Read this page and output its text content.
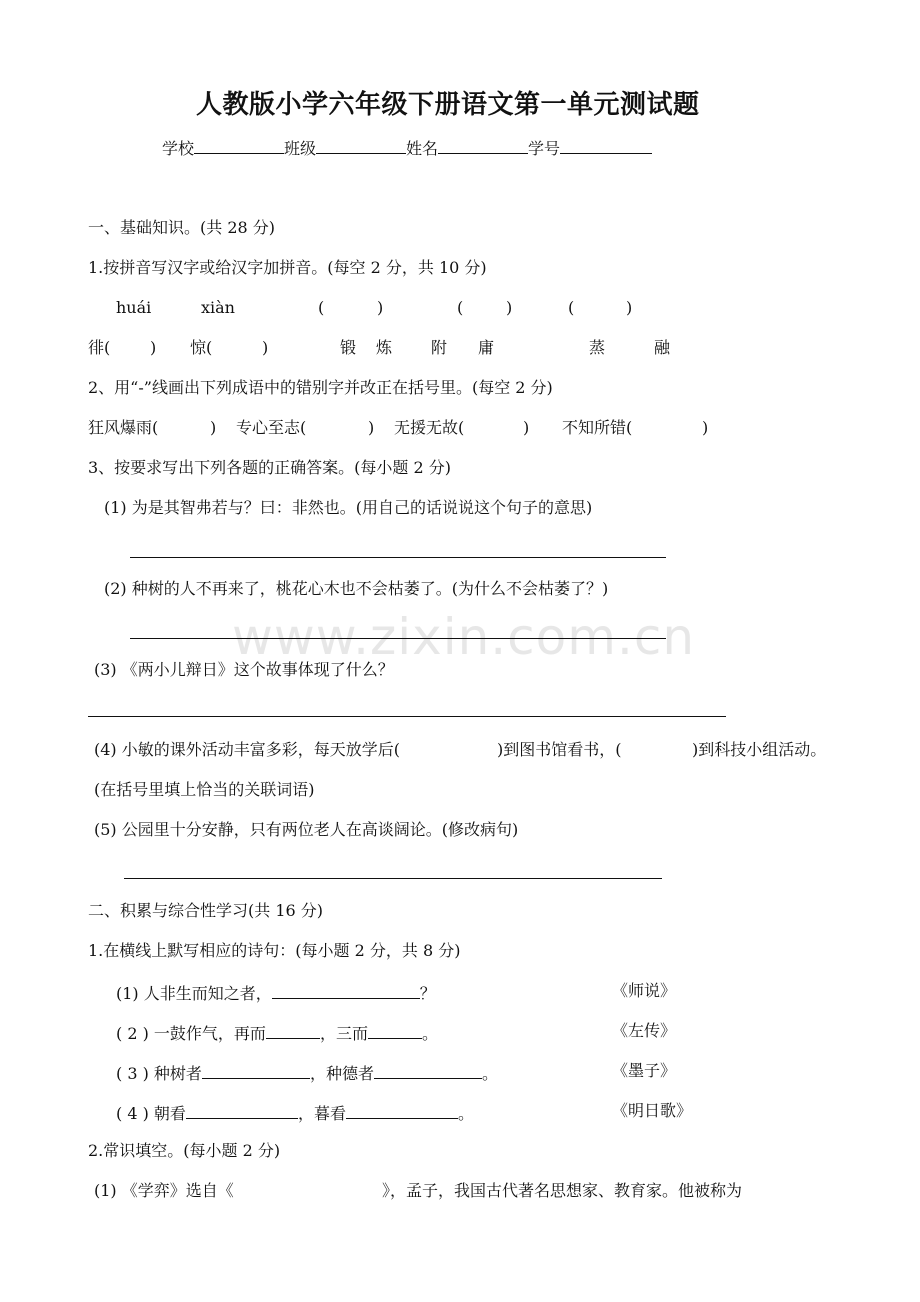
www.zixin.com.cn
人教版小学六年级下册语文第一单元测试题
学校	班级	姓名	学号
一、基础知识。(共 28 分)
1.按拼音写汉字或给汉字加拼音。(每空 2 分，共 10 分)
huái	xiàn	(	)	(	)	(	)
徘( ) 惊(	)	锻 炼 附 庸	蒸	融
2、用“-”线画出下列成语中的错别字并改正在括号里。(每空 2 分)
狂风爆雨(	) 专心至志(	) 无援无故(	) 不知所错(	)
3、按要求写出下列各题的正确答案。(每小题 2 分)
(1) 为是其智弗若与？曰：非然也。(用自己的话说说这个句子的意思)
(2) 种树的人不再来了，桃花心木也不会枯萎了。(为什么不会枯萎了？)
(3) 《两小儿辩日》这个故事体现了什么？
(4) 小敏的课外活动丰富多彩，每天放学后(	)到图书馆看书，(	)到科技小组活动。
(在括号里填上恰当的关联词语)
(5) 公园里十分安静，只有两位老人在高谈阔论。(修改病句)
二、积累与综合性学习(共 16 分)
1.在横线上默写相应的诗句：(每小题 2 分，共 8 分)
(1) 人非生而知之者，	？	《师说》
( 2 ) 一鼓作气，再而	，三而	。	《左传》
( 3 ) 种树者	，种德者	。	《墨子》
( 4 ) 朝看	，暮看	。	《明日歌》
2.常识填空。(每小题 2 分)
(1) 《学弈》选自《	》，孟子，我国古代著名思想家、教育家。他被称为
